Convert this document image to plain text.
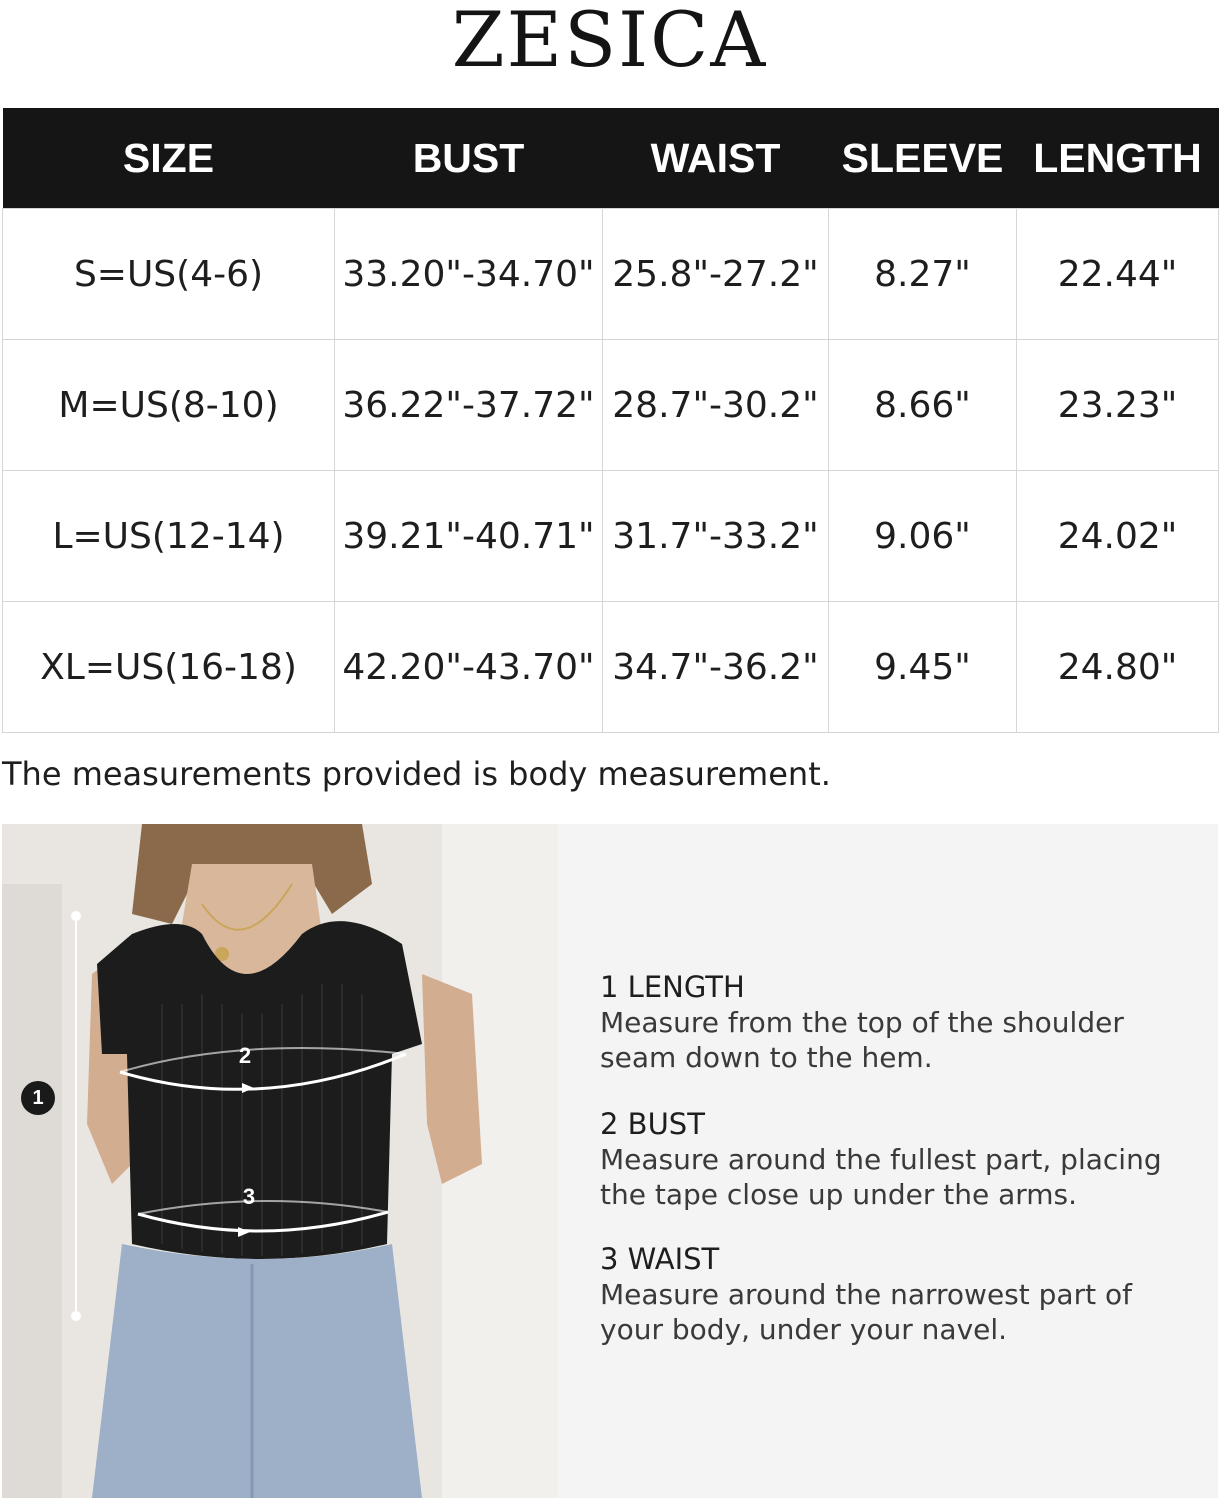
ZESICA
SIZE	BUST	WAIST	SLEEVE	LENGTH
S=US(4-6)	33.20"-34.70"	25.8"-27.2"	8.27"	22.44"
M=US(8-10)	36.22"-37.72"	28.7"-30.2"	8.66"	23.23"
L=US(12-14)	39.21"-40.71"	31.7"-33.2"	9.06"	24.02"
XL=US(16-18)	42.20"-43.70"	34.7"-36.2"	9.45"	24.80"
The measurements provided is body measurement.
1
2
3
1 LENGTH

Measure from the top of the shoulder seam down to the hem.

2 BUST

Measure around the fullest part, placing the tape close up under the arms.

3 WAIST

Measure around the narrowest part of your body, under your navel.
